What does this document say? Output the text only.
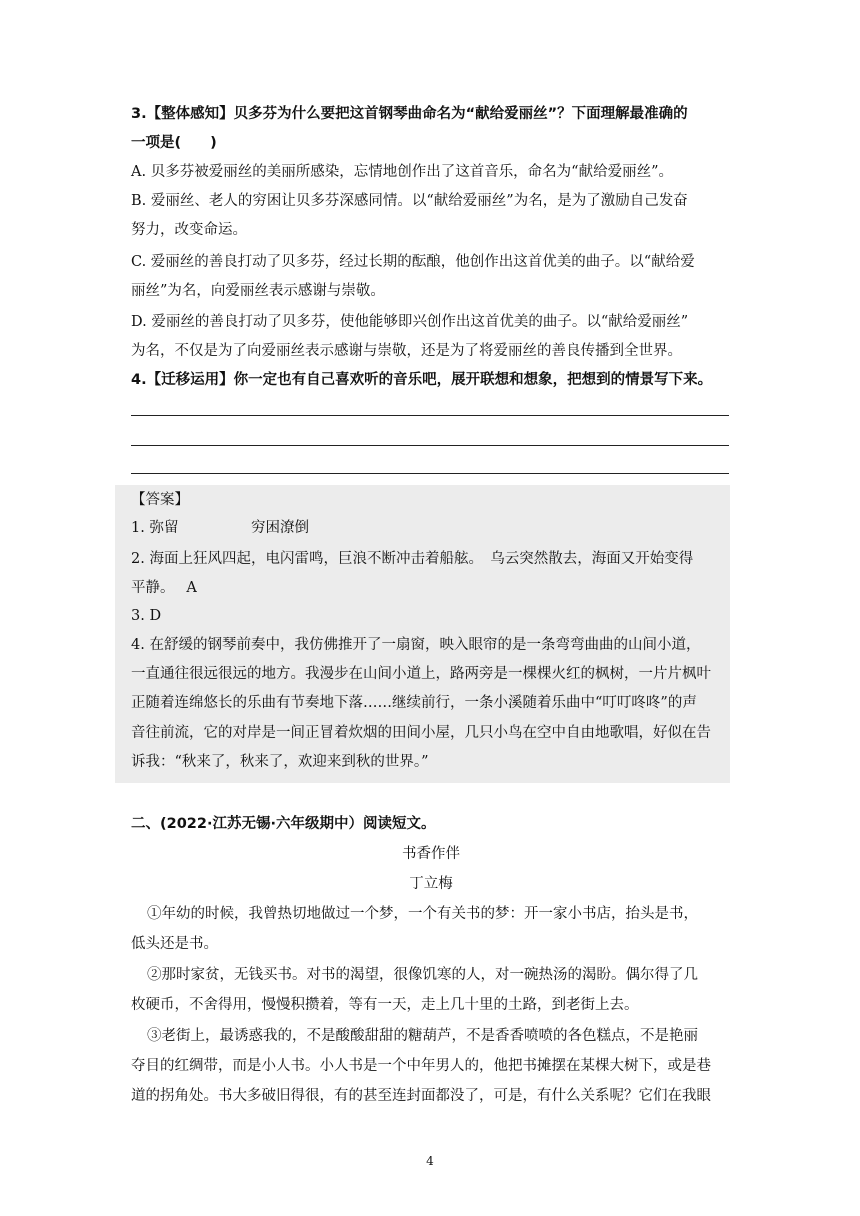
3.【整体感知】贝多芬为什么要把这首钢琴曲命名为“献给爱丽丝”？下面理解最准确的
一项是(　　)
A. 贝多芬被爱丽丝的美丽所感染，忘情地创作出了这首音乐，命名为“献给爱丽丝”。
B. 爱丽丝、老人的穷困让贝多芬深感同情。以“献给爱丽丝”为名，是为了激励自己发奋
努力，改变命运。
C. 爱丽丝的善良打动了贝多芬，经过长期的酝酿，他创作出这首优美的曲子。以“献给爱
丽丝”为名，向爱丽丝表示感谢与崇敬。
D. 爱丽丝的善良打动了贝多芬，使他能够即兴创作出这首优美的曲子。以“献给爱丽丝”
为名，不仅是为了向爱丽丝表示感谢与崇敬，还是为了将爱丽丝的善良传播到全世界。
4.【迁移运用】你一定也有自己喜欢听的音乐吧，展开联想和想象，把想到的情景写下来。
【答案】
1. 弥留　　　　　穷困潦倒
2. 海面上狂风四起，电闪雷鸣，巨浪不断冲击着船舷。　乌云突然散去，海面又开始变得
平静。　 A
3. D
4. 在舒缓的钢琴前奏中，我仿佛推开了一扇窗，映入眼帘的是一条弯弯曲曲的山间小道，
一直通往很远很远的地方。我漫步在山间小道上，路两旁是一棵棵火红的枫树，一片片枫叶
正随着连绵悠长的乐曲有节奏地下落……继续前行，一条小溪随着乐曲中“叮叮咚咚”的声
音往前流，它的对岸是一间正冒着炊烟的田间小屋，几只小鸟在空中自由地歌唱，好似在告
诉我：“秋来了，秋来了，欢迎来到秋的世界。”
二、(2022·江苏无锡·六年级期中）阅读短文。
书香作伴
丁立梅
①年幼的时候，我曾热切地做过一个梦，一个有关书的梦：开一家小书店，抬头是书，
低头还是书。
②那时家贫，无钱买书。对书的渴望，很像饥寒的人，对一碗热汤的渴盼。偶尔得了几
枚硬币，不舍得用，慢慢积攒着，等有一天，走上几十里的土路，到老街上去。
③老街上，最诱惑我的，不是酸酸甜甜的糖葫芦，不是香香喷喷的各色糕点，不是艳丽
夺目的红绸带，而是小人书。小人书是一个中年男人的，他把书摊摆在某棵大树下，或是巷
道的拐角处。书大多破旧得很，有的甚至连封面都没了，可是，有什么关系呢？它们在我眼
4
